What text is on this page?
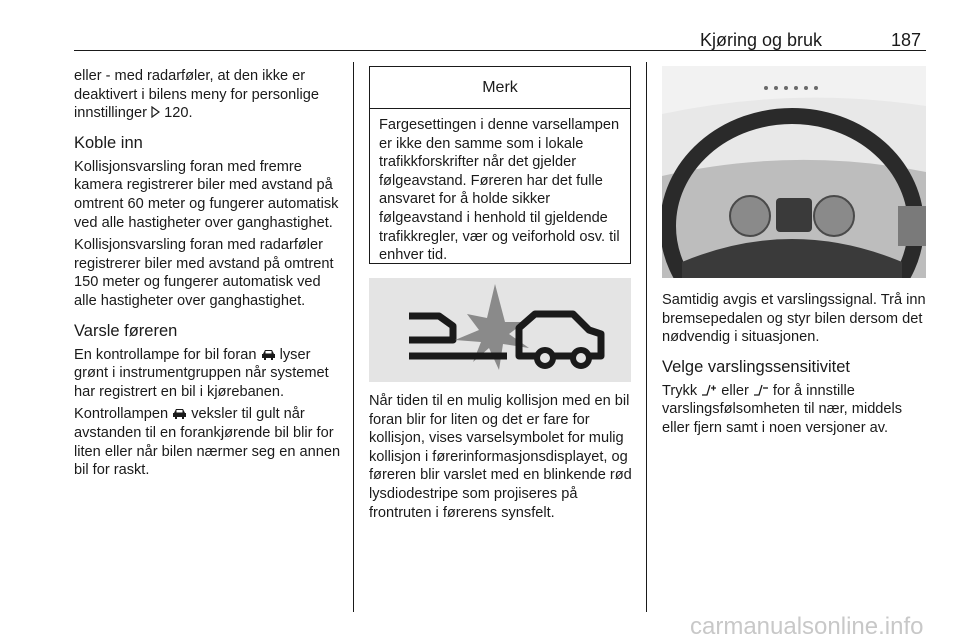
Kjøring og bruk	187

eller - med radarføler, at den ikke er deaktivert i bilens meny for personlige innstillinger  120.

Koble inn

Kollisjonsvarsling foran med fremre kamera registrerer biler med avstand på omtrent 60 meter og fungerer automatisk ved alle hastigheter over ganghastighet.

Kollisjonsvarsling foran med radarføler registrerer biler med avstand på omtrent 150 meter og fungerer automatisk ved alle hastigheter over ganghastighet.

Varsle føreren

En kontrollampe for bil foran  lyser grønt i instrumentgruppen når systemet har registrert en bil i kjørebanen.

Kontrollampen  veksler til gult når avstanden til en forankjørende bil blir for liten eller når bilen nærmer seg en annen bil for raskt.

Merk
Fargesettingen i denne varsellampen er ikke den samme som i lokale trafikkforskrifter når det gjelder følgeavstand. Føreren har det fulle ansvaret for å holde sikker følgeavstand i henhold til gjeldende trafikkregler, vær og veiforhold osv. til enhver tid.

Når tiden til en mulig kollisjon med en bil foran blir for liten og det er fare for kollisjon, vises varselsymbolet for mulig kollisjon i førerinformasjonsdisplayet, og føreren blir varslet med en blinkende rød lysdiodestripe som projiseres på frontruten i førerens synsfelt.

Samtidig avgis et varslingssignal. Trå inn bremsepedalen og styr bilen dersom det nødvendig i situasjonen.

Velge varslingssensitivitet

Trykk  eller  for å innstille varslingsfølsomheten til nær, middels eller fjern samt i noen versjoner av.

carmanualsonline.info
